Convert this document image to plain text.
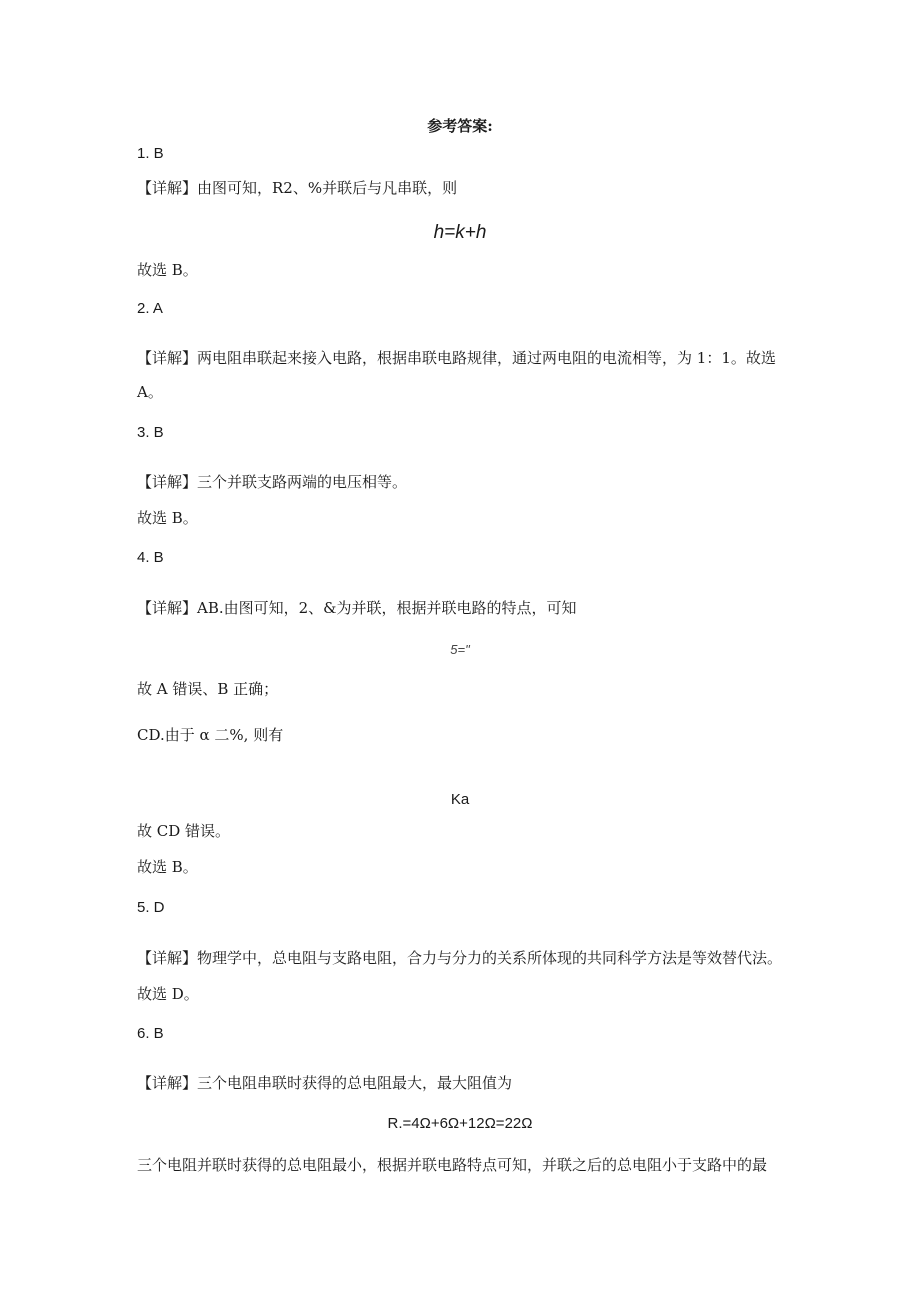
参考答案:
1. B
【详解】由图可知，R2、%并联后与凡串联，则
h=k+h
故选 B。
2. A
【详解】两电阻串联起来接入电路，根据串联电路规律，通过两电阻的电流相等，为 1：1。故选 A。
3. B
【详解】三个并联支路两端的电压相等。
故选 B。
4. B
【详解】AB.由图可知，2、&为并联，根据并联电路的特点，可知
5="
故 A 错误、B 正确；
CD.由于 α 二%, 则有
Ka
故 CD 错误。
故选 B。
5. D
【详解】物理学中，总电阻与支路电阻，合力与分力的关系所体现的共同科学方法是等效替代法。
故选 D。
6. B
【详解】三个电阻串联时获得的总电阻最大，最大阻值为
R.=4Ω+6Ω+12Ω=22Ω
三个电阻并联时获得的总电阻最小，根据并联电路特点可知，并联之后的总电阻小于支路中的最
